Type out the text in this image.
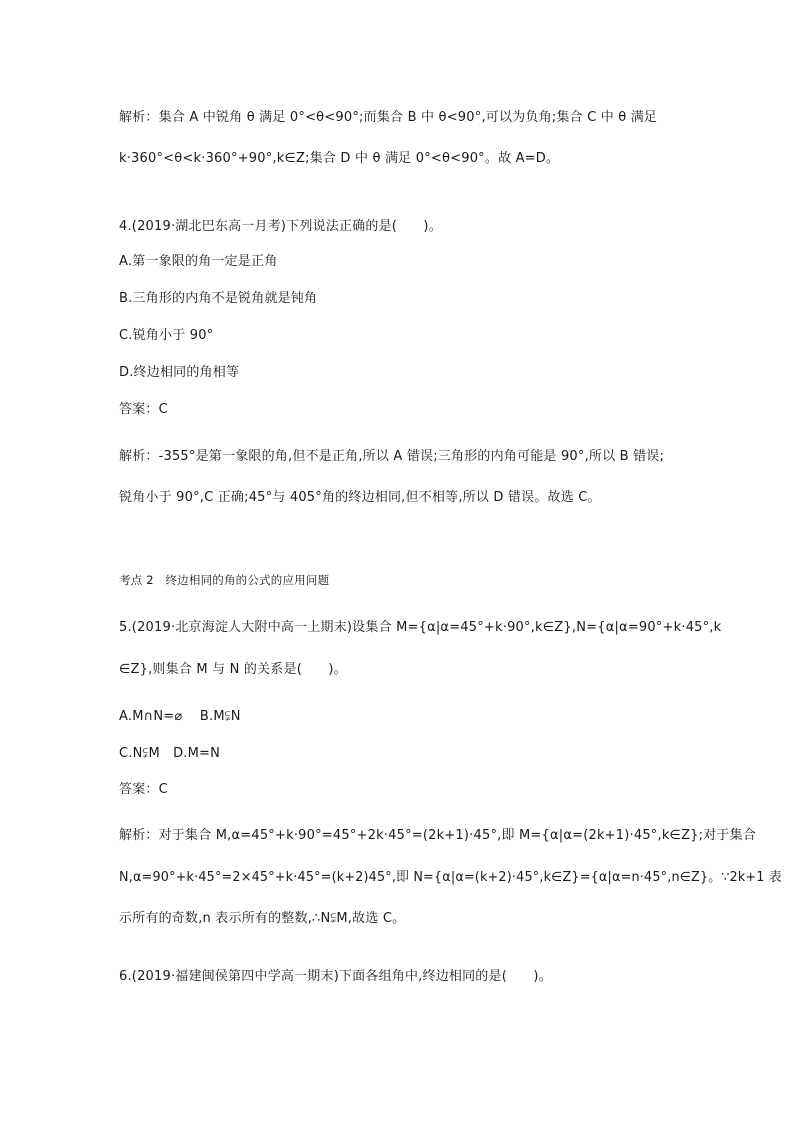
解析：集合 A 中锐角 θ 满足 0°<θ<90°;而集合 B 中 θ<90°,可以为负角;集合 C 中 θ 满足
k·360°<θ<k·360°+90°,k∈Z;集合 D 中 θ 满足 0°<θ<90°。故 A=D。
4.(2019·湖北巴东高一月考)下列说法正确的是(　　)。
A.第一象限的角一定是正角
B.三角形的内角不是锐角就是钝角
C.锐角小于 90°
D.终边相同的角相等
答案：C
解析：-355°是第一象限的角,但不是正角,所以 A 错误;三角形的内角可能是 90°,所以 B 错误;
锐角小于 90°,C 正确;45°与 405°角的终边相同,但不相等,所以 D 错误。故选 C。
考点 2　终边相同的角的公式的应用问题
5.(2019·北京海淀人大附中高一上期末)设集合 M={α|α=45°+k·90°,k∈Z},N={α|α=90°+k·45°,k
∈Z},则集合 M 与 N 的关系是(　　)。
A.M∩N=⌀　 B.M⫋N
C.N⫋M　D.M=N
答案：C
解析：对于集合 M,α=45°+k·90°=45°+2k·45°=(2k+1)·45°,即 M={α|α=(2k+1)·45°,k∈Z};对于集合
N,α=90°+k·45°=2×45°+k·45°=(k+2)45°,即 N={α|α=(k+2)·45°,k∈Z}={α|α=n·45°,n∈Z}。∵2k+1 表
示所有的奇数,n 表示所有的整数,∴N⫋M,故选 C。
6.(2019·福建闽侯第四中学高一期末)下面各组角中,终边相同的是(　　)。
